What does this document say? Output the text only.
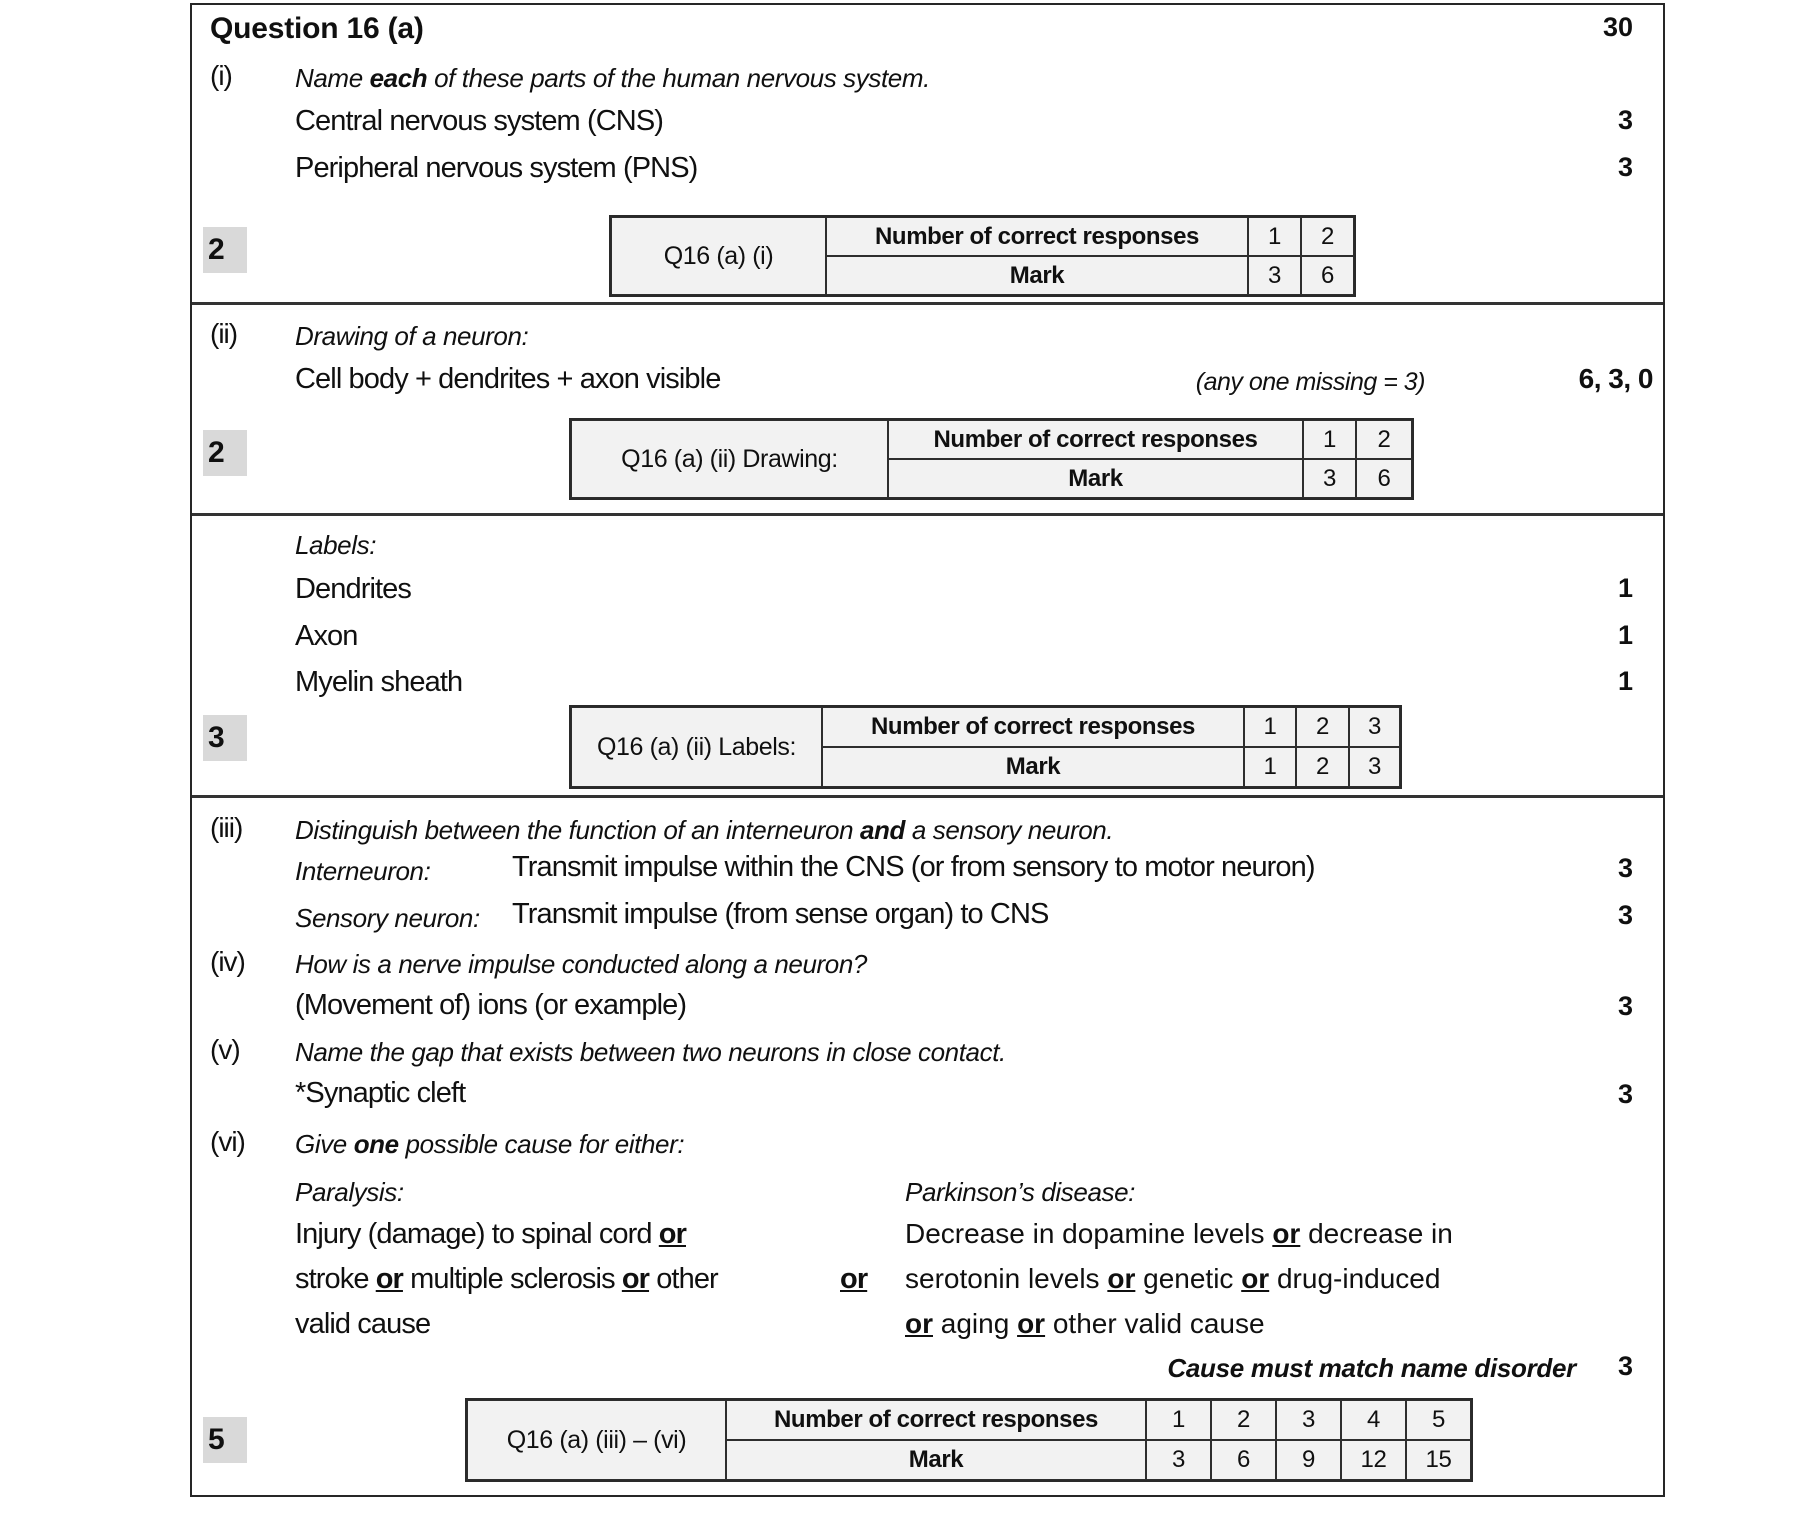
Question 16 (a)	30
(i) Name each of these parts of the human nervous system.
Central nervous system (CNS)	3
Peripheral nervous system (PNS)	3
2	Q16 (a) (i)
Number of correct responses	1	2
Mark	3	6
(ii) Drawing of a neuron:
Cell body + dendrites + axon visible	(any one missing = 3)	6, 3, 0
2	Q16 (a) (ii) Drawing:
Number of correct responses	1	2
Mark	3	6
Labels:
Dendrites	1
Axon	1
Myelin sheath	1
3	Q16 (a) (ii) Labels:
Number of correct responses	1	2	3
Mark	1	2	3
(iii) Distinguish between the function of an interneuron and a sensory neuron.
Interneuron:	Transmit impulse within the CNS (or from sensory to motor neuron)	3
Sensory neuron: Transmit impulse (from sense organ) to CNS	3
(iv) How is a nerve impulse conducted along a neuron?
(Movement of) ions (or example)	3
(v) Name the gap that exists between two neurons in close contact.
*Synaptic cleft	3
(vi) Give one possible cause for either:
Paralysis:	Parkinson’s disease:
Injury (damage) to spinal cord or
stroke or multiple sclerosis or other
valid cause
or
Decrease in dopamine levels or decrease in
serotonin levels or genetic or drug-induced
or aging or other valid cause
Cause must match name disorder	3
5	Q16 (a) (iii) – (vi)
Number of correct responses	1	2	3	4	5
Mark	3	6	9	12	15
